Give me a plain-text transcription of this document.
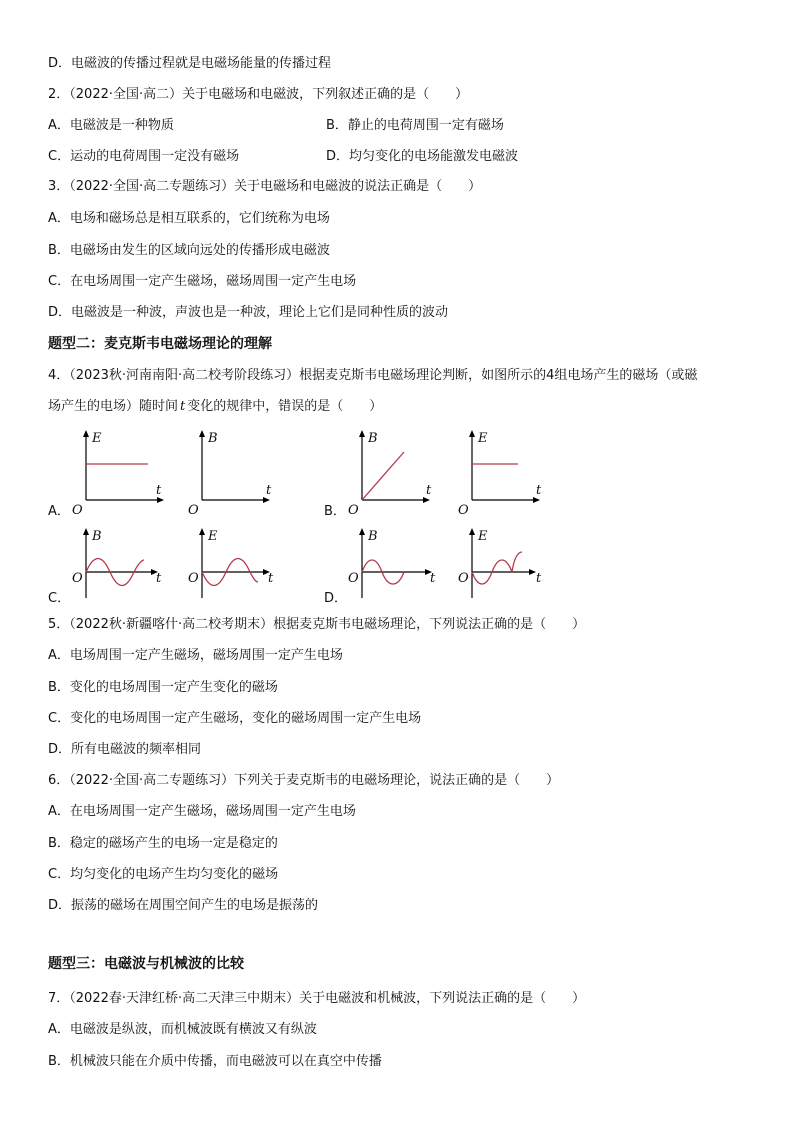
D．电磁波的传播过程就是电磁场能量的传播过程
2．（2022·全国·高二）关于电磁场和电磁波，下列叙述正确的是（　　）
A．电磁波是一种物质	B．静止的电荷周围一定有磁场
C．运动的电荷周围一定没有磁场	D．均匀变化的电场能激发电磁波
3．（2022·全国·高二专题练习）关于电磁场和电磁波的说法正确是（　　）
A．电场和磁场总是相互联系的，它们统称为电场
B．电磁场由发生的区域向远处的传播形成电磁波
C．在电场周围一定产生磁场，磁场周围一定产生电场
D．电磁波是一种波，声波也是一种波，理论上它们是同种性质的波动
题型二：麦克斯韦电磁场理论的理解
4．（2023秋·河南南阳·高二校考阶段练习）根据麦克斯韦电磁场理论判断，如图所示的4组电场产生的磁场（或磁
场产生的电场）随时间 t 变化的规律中，错误的是（　　）
A．	B．
C．	D．
E
O
t
B
O
t
B
O
t
E
O
t
B
O	t
E
O	t
B
O	t
E
O	t
5．（2022秋·新疆喀什·高二校考期末）根据麦克斯韦电磁场理论，下列说法正确的是（　　）
A．电场周围一定产生磁场，磁场周围一定产生电场
B．变化的电场周围一定产生变化的磁场
C．变化的电场周围一定产生磁场，变化的磁场周围一定产生电场
D．所有电磁波的频率相同
6．（2022·全国·高二专题练习）下列关于麦克斯韦的电磁场理论，说法正确的是（　　）
A．在电场周围一定产生磁场，磁场周围一定产生电场
B．稳定的磁场产生的电场一定是稳定的
C．均匀变化的电场产生均匀变化的磁场
D．振荡的磁场在周围空间产生的电场是振荡的
题型三：电磁波与机械波的比较
7．（2022春·天津红桥·高二天津三中期末）关于电磁波和机械波，下列说法正确的是（　　）
A．电磁波是纵波，而机械波既有横波又有纵波
B．机械波只能在介质中传播，而电磁波可以在真空中传播
